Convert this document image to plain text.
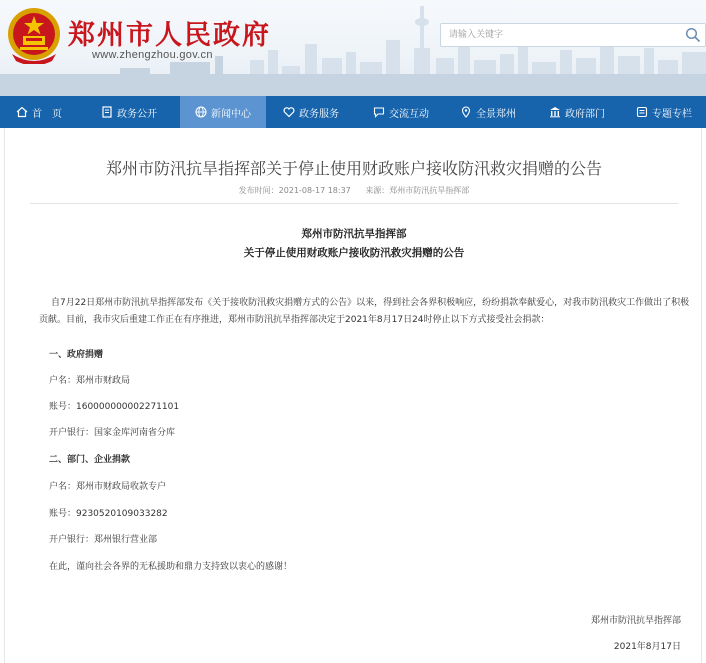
郑州市人民政府
www.zhengzhou.gov.cn
请输入关键字
首　页	政务公开	新闻中心	政务服务	交流互动	全景郑州	政府部门	专题专栏
郑州市防汛抗旱指挥部关于停止使用财政账户接收防汛救灾捐赠的公告
发布时间：2021-08-17 18:37 来源：郑州市防汛抗旱指挥部
郑州市防汛抗旱指挥部
关于停止使用财政账户接收防汛救灾捐赠的公告
自7月22日郑州市防汛抗旱指挥部发布《关于接收防汛救灾捐赠方式的公告》以来，得到社会各界积极响应，纷纷捐款奉献爱心，对我市防汛救灾工作做出了积极
贡献。目前，我市灾后重建工作正在有序推进，郑州市防汛抗旱指挥部决定于2021年8月17日24时停止以下方式接受社会捐款：
一、政府捐赠
户名：郑州市财政局
账号：160000000002271101
开户银行：国家金库河南省分库
二、部门、企业捐款
户名：郑州市财政局收款专户
账号：9230520109033282
开户银行：郑州银行营业部
在此，谨向社会各界的无私援助和鼎力支持致以衷心的感谢！
郑州市防汛抗旱指挥部
2021年8月17日
